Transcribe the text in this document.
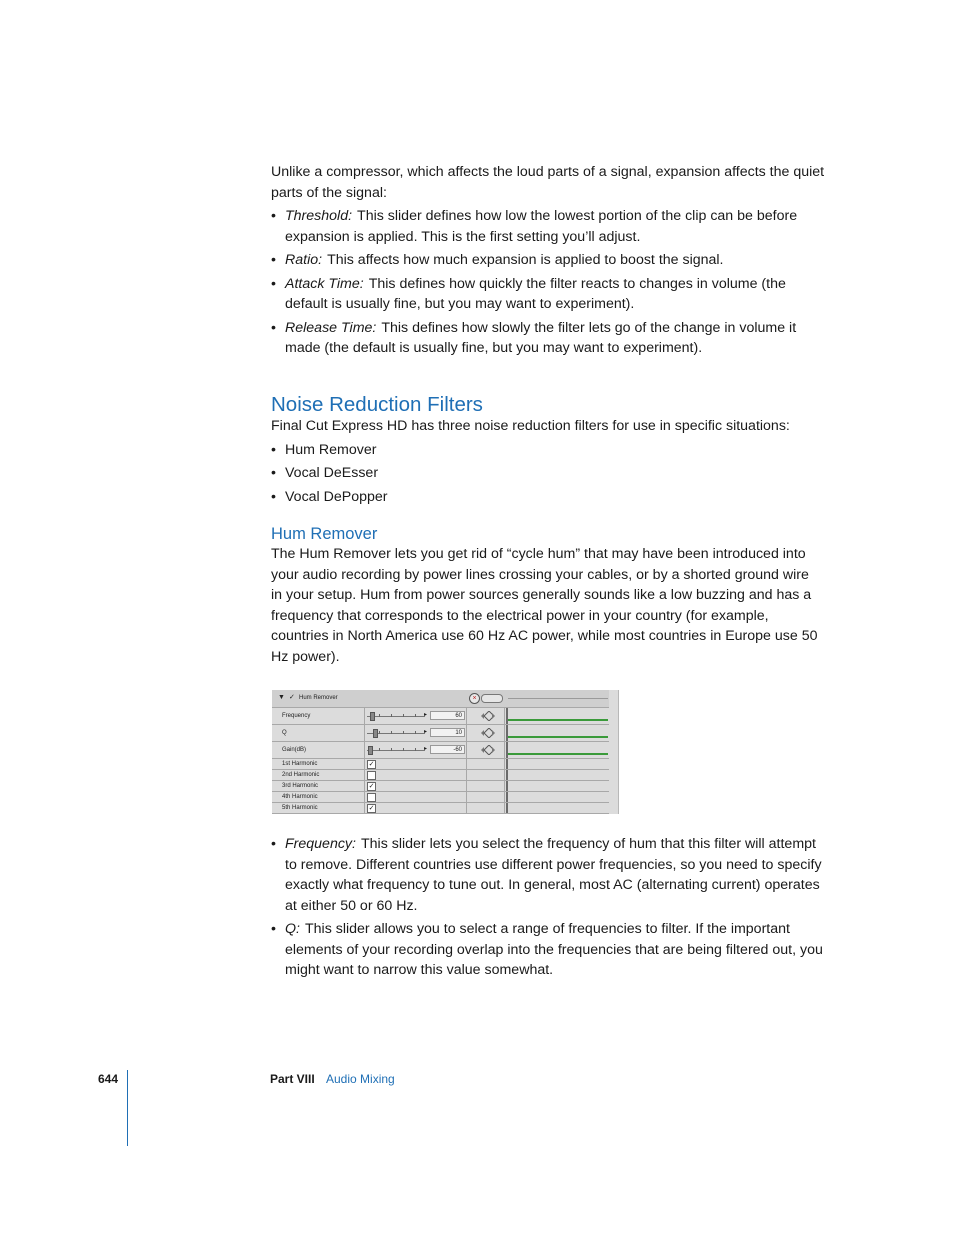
Unlike a compressor, which affects the loud parts of a signal, expansion affects the quiet parts of the signal:

• Threshold: This slider defines how low the lowest portion of the clip can be before expansion is applied. This is the first setting you’ll adjust.
• Ratio: This affects how much expansion is applied to boost the signal.
• Attack Time: This defines how quickly the filter reacts to changes in volume (the default is usually fine, but you may want to experiment).
• Release Time: This defines how slowly the filter lets go of the change in volume it made (the default is usually fine, but you may want to experiment).
Noise Reduction Filters

Final Cut Express HD has three noise reduction filters for use in specific situations:

• Hum Remover
• Vocal DeEsser
• Vocal DePopper
Hum Remover

The Hum Remover lets you get rid of “cycle hum” that may have been introduced into your audio recording by power lines crossing your cables, or by a shorted ground wire in your setup. Hum from power sources generally sounds like a low buzzing and has a frequency that corresponds to the electrical power in your country (for example, countries in North America use 60 Hz AC power, while most countries in Europe use 50 Hz power).

▼ ✓ Hum Remover	×
Frequency	▸	60
Q	▸	10
Gain(dB)	▸	-60
1st Harmonic	✓
2nd Harmonic
3rd Harmonic	✓
4th Harmonic
5th Harmonic	✓
• Frequency: This slider lets you select the frequency of hum that this filter will attempt to remove. Different countries use different power frequencies, so you need to specify exactly what frequency to tune out. In general, most AC (alternating current) operates at either 50 or 60 Hz.
• Q: This slider allows you to select a range of frequencies to filter. If the important elements of your recording overlap into the frequencies that are being filtered out, you might want to narrow this value somewhat.
644	Part VIII Audio Mixing
